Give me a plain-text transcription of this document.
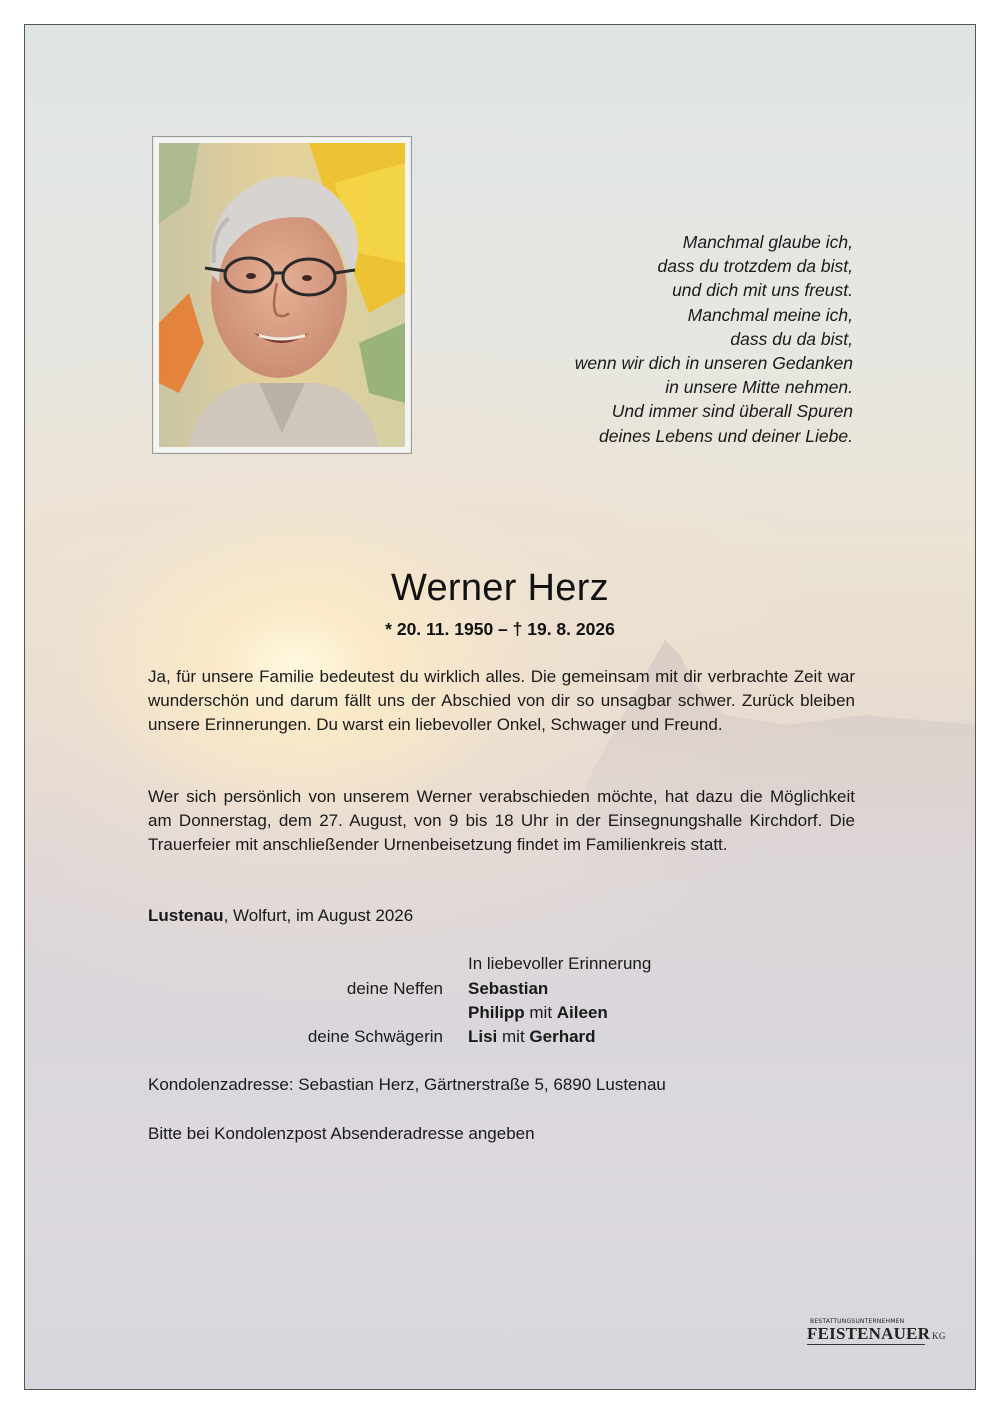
Manchmal glaube ich,
dass du trotzdem da bist,
und dich mit uns freust.
Manchmal meine ich,
dass du da bist,
wenn wir dich in unseren Gedanken
in unsere Mitte nehmen.
Und immer sind überall Spuren
deines Lebens und deiner Liebe.
Werner Herz
* 20. 11. 1950 – † 19. 8. 2026
Ja, für unsere Familie bedeutest du wirklich alles. Die gemeinsam mit dir verbrachte Zeit war wunderschön und darum fällt uns der Abschied von dir so unsagbar schwer. Zurück bleiben unsere Erinnerungen. Du warst ein liebevoller Onkel, Schwager und Freund.
Wer sich persönlich von unserem Werner verabschieden möchte, hat dazu die Möglichkeit am Donnerstag, dem 27. August, von 9 bis 18 Uhr in der Einsegnungshalle Kirchdorf. Die Trauerfeier mit anschließender Urnenbeisetzung findet im Familienkreis statt.
Lustenau, Wolfurt, im August 2026
In liebevoller Erinnerung
deine Neffen Sebastian
Philipp mit Aileen
deine Schwägerin Lisi mit Gerhard
Kondolenzadresse: Sebastian Herz, Gärtnerstraße 5, 6890 Lustenau
Bitte bei Kondolenzpost Absenderadresse angeben
BESTATTUNGSUNTERNEHMEN
FEISTENAUER KG
